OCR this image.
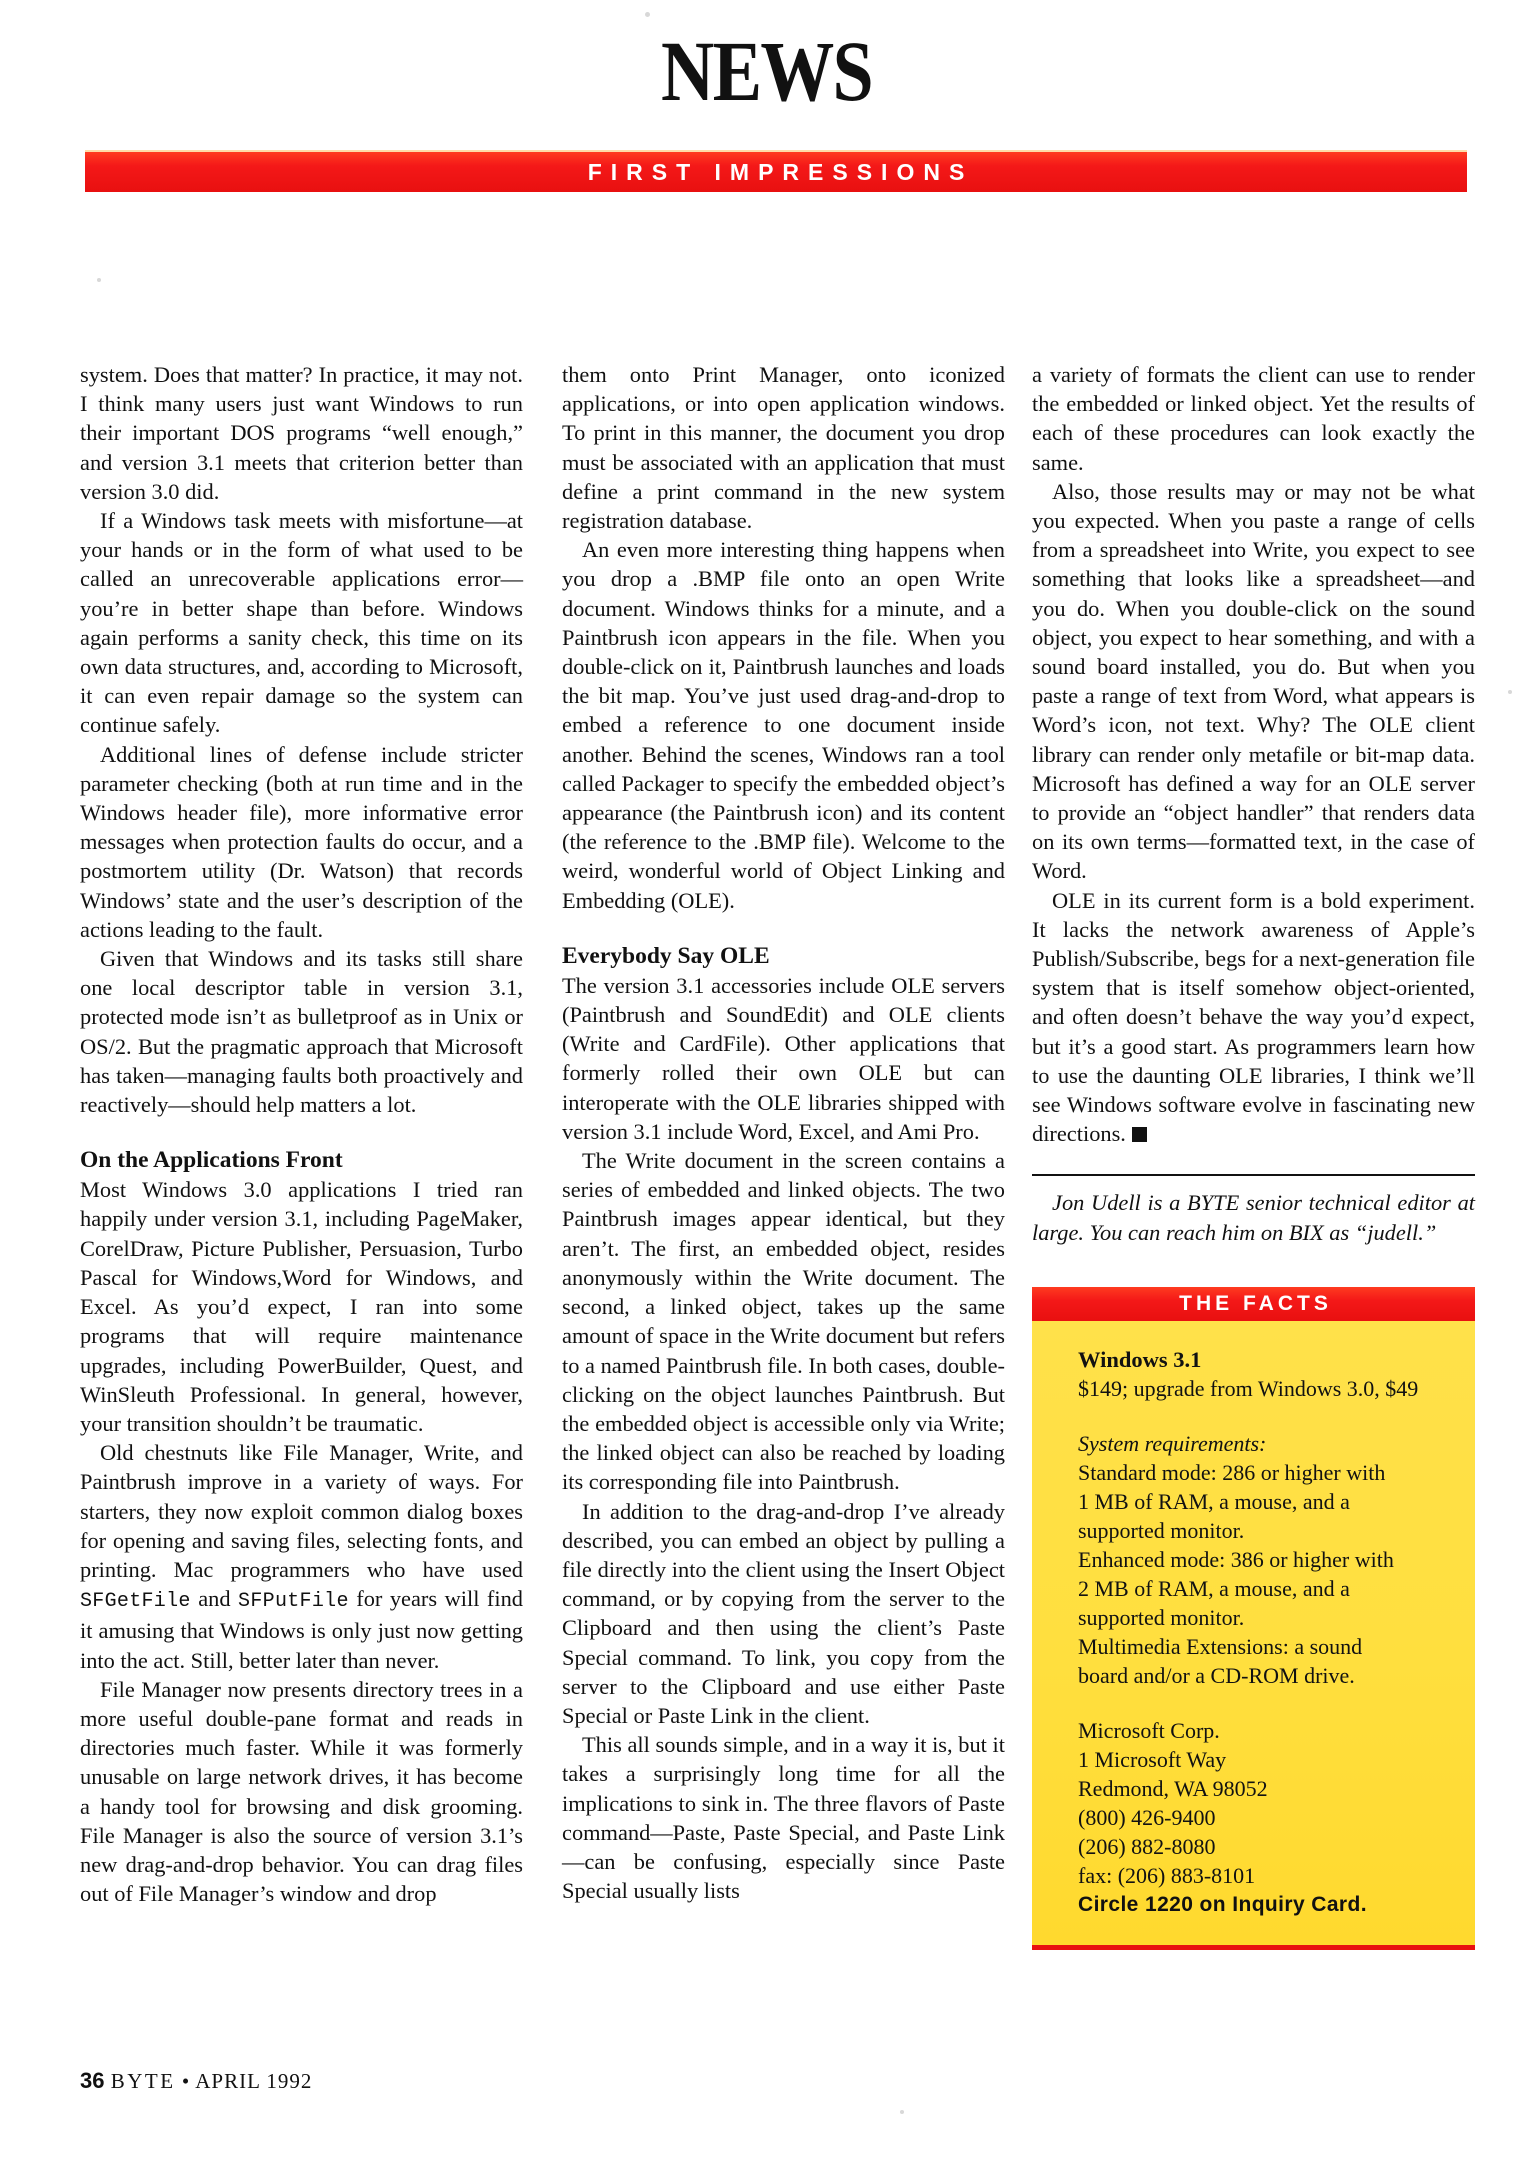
NEWS
FIRST IMPRESSIONS

system. Does that matter? In practice, it may not. I think many users just want Windows to run their important DOS programs “well enough,” and version 3.1 meets that criterion better than version 3.0 did.

If a Windows task meets with misfortune—at your hands or in the form of what used to be called an unrecoverable applications error—you’re in better shape than before. Windows again performs a sanity check, this time on its own data structures, and, according to Microsoft, it can even repair damage so the system can continue safely.

Additional lines of defense include stricter parameter checking (both at run time and in the Windows header file), more informative error messages when protection faults do occur, and a postmortem utility (Dr. Watson) that records Windows’ state and the user’s description of the actions leading to the fault.

Given that Windows and its tasks still share one local descriptor table in version 3.1, protected mode isn’t as bulletproof as in Unix or OS/2. But the pragmatic approach that Microsoft has taken—managing faults both proactively and reactively—should help matters a lot.

On the Applications Front

Most Windows 3.0 applications I tried ran happily under version 3.1, including PageMaker, CorelDraw, Picture Publisher, Persuasion, Turbo Pascal for Windows,Word for Windows, and Excel. As you’d expect, I ran into some programs that will require maintenance upgrades, including PowerBuilder, Quest, and WinSleuth Professional. In general, however, your transition shouldn’t be traumatic.

Old chestnuts like File Manager, Write, and Paintbrush improve in a variety of ways. For starters, they now exploit common dialog boxes for opening and saving files, selecting fonts, and printing. Mac programmers who have used SFGetFile and SFPutFile for years will find it amusing that Windows is only just now getting into the act. Still, better later than never.

File Manager now presents directory trees in a more useful double-pane format and reads in directories much faster. While it was formerly unusable on large network drives, it has become a handy tool for browsing and disk grooming. File Manager is also the source of version 3.1’s new drag-and-drop behavior. You can drag files out of File Manager’s window and drop

them onto Print Manager, onto iconized applications, or into open application windows. To print in this manner, the document you drop must be associated with an application that must define a print command in the new system registration database.

An even more interesting thing happens when you drop a .BMP file onto an open Write document. Windows thinks for a minute, and a Paintbrush icon appears in the file. When you double-click on it, Paintbrush launches and loads the bit map. You’ve just used drag-and-drop to embed a reference to one document inside another. Behind the scenes, Windows ran a tool called Packager to specify the embedded object’s appearance (the Paintbrush icon) and its content (the reference to the .BMP file). Welcome to the weird, wonderful world of Object Linking and Embedding (OLE).

Everybody Say OLE

The version 3.1 accessories include OLE servers (Paintbrush and SoundEdit) and OLE clients (Write and CardFile). Other applications that formerly rolled their own OLE but can interoperate with the OLE libraries shipped with version 3.1 include Word, Excel, and Ami Pro.

The Write document in the screen contains a series of embedded and linked objects. The two Paintbrush images appear identical, but they aren’t. The first, an embedded object, resides anonymously within the Write document. The second, a linked object, takes up the same amount of space in the Write document but refers to a named Paintbrush file. In both cases, double-clicking on the object launches Paintbrush. But the embedded object is accessible only via Write; the linked object can also be reached by loading its corresponding file into Paintbrush.

In addition to the drag-and-drop I’ve already described, you can embed an object by pulling a file directly into the client using the Insert Object command, or by copying from the server to the Clipboard and then using the client’s Paste Special command. To link, you copy from the server to the Clipboard and use either Paste Special or Paste Link in the client.

This all sounds simple, and in a way it is, but it takes a surprisingly long time for all the implications to sink in. The three flavors of Paste command—Paste, Paste Special, and Paste Link—can be confusing, especially since Paste Special usually lists

a variety of formats the client can use to render the embedded or linked object. Yet the results of each of these procedures can look exactly the same.

Also, those results may or may not be what you expected. When you paste a range of cells from a spreadsheet into Write, you expect to see something that looks like a spreadsheet—and you do. When you double-click on the sound object, you expect to hear something, and with a sound board installed, you do. But when you paste a range of text from Word, what appears is Word’s icon, not text. Why? The OLE client library can render only metafile or bit-map data. Microsoft has defined a way for an OLE server to provide an “object handler” that renders data on its own terms—formatted text, in the case of Word.

OLE in its current form is a bold experiment. It lacks the network awareness of Apple’s Publish/Subscribe, begs for a next-generation file system that is itself somehow object-oriented, and often doesn’t behave the way you’d expect, but it’s a good start. As programmers learn how to use the daunting OLE libraries, I think we’ll see Windows software evolve in fascinating new directions.

Jon Udell is a BYTE senior technical editor at large. You can reach him on BIX as “judell.”

THE FACTS

Windows 3.1

$149; upgrade from Windows 3.0, $49

System requirements:

Standard mode: 286 or higher with

1 MB of RAM, a mouse, and a

supported monitor.

Enhanced mode: 386 or higher with

2 MB of RAM, a mouse, and a

supported monitor.

Multimedia Extensions: a sound

board and/or a CD-ROM drive.

Microsoft Corp.

1 Microsoft Way

Redmond, WA 98052

(800) 426-9400

(206) 882-8080

fax: (206) 883-8101

Circle 1220 on Inquiry Card.

36 BYTE • APRIL 1992
